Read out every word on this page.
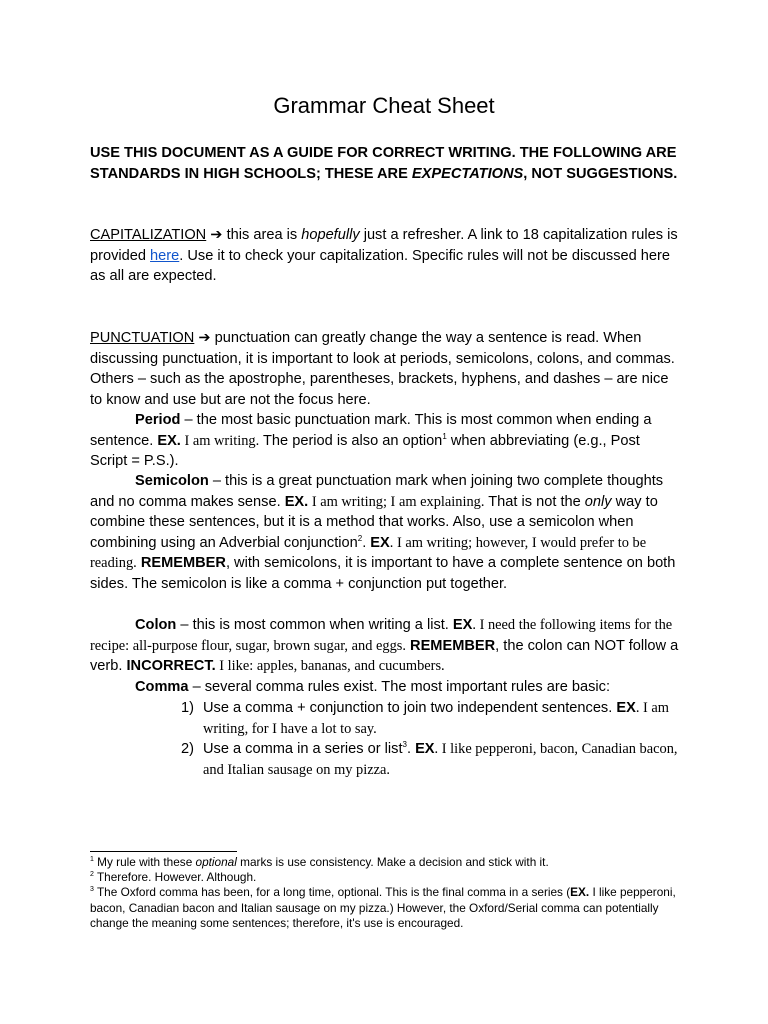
Grammar Cheat Sheet

USE THIS DOCUMENT AS A GUIDE FOR CORRECT WRITING. THE FOLLOWING ARE STANDARDS IN HIGH SCHOOLS; THESE ARE EXPECTATIONS, NOT SUGGESTIONS.

CAPITALIZATION ➔ this area is hopefully just a refresher. A link to 18 capitalization rules is provided here. Use it to check your capitalization. Specific rules will not be discussed here as all are expected.

PUNCTUATION ➔ punctuation can greatly change the way a sentence is read. When discussing punctuation, it is important to look at periods, semicolons, colons, and commas. Others – such as the apostrophe, parentheses, brackets, hyphens, and dashes – are nice to know and use but are not the focus here.

Period – the most basic punctuation mark. This is most common when ending a sentence. EX. I am writing. The period is also an option$^1$ when abbreviating (e.g., Post Script = P.S.).

Semicolon – this is a great punctuation mark when joining two complete thoughts and no comma makes sense. EX. I am writing; I am explaining. That is not the only way to combine these sentences, but it is a method that works. Also, use a semicolon when combining using an Adverbial conjunction$^2$. EX. I am writing; however, I would prefer to be reading. REMEMBER, with semicolons, it is important to have a complete sentence on both sides. The semicolon is like a comma + conjunction put together.

Colon – this is most common when writing a list. EX. I need the following items for the recipe: all-purpose flour, sugar, brown sugar, and eggs. REMEMBER, the colon can NOT follow a verb. INCORRECT. I like: apples, bananas, and cucumbers.

Comma – several comma rules exist. The most important rules are basic:

1) Use a comma + conjunction to join two independent sentences. EX. I am writing, for I have a lot to say.
2) Use a comma in a series or list$^3$. EX. I like pepperoni, bacon, Canadian bacon, and Italian sausage on my pizza.

$^1$ My rule with these optional marks is use consistency. Make a decision and stick with it.

$^2$ Therefore. However. Although.

$^3$ The Oxford comma has been, for a long time, optional. This is the final comma in a series (EX. I like pepperoni, bacon, Canadian bacon and Italian sausage on my pizza.) However, the Oxford/Serial comma can potentially change the meaning some sentences; therefore, it's use is encouraged.
